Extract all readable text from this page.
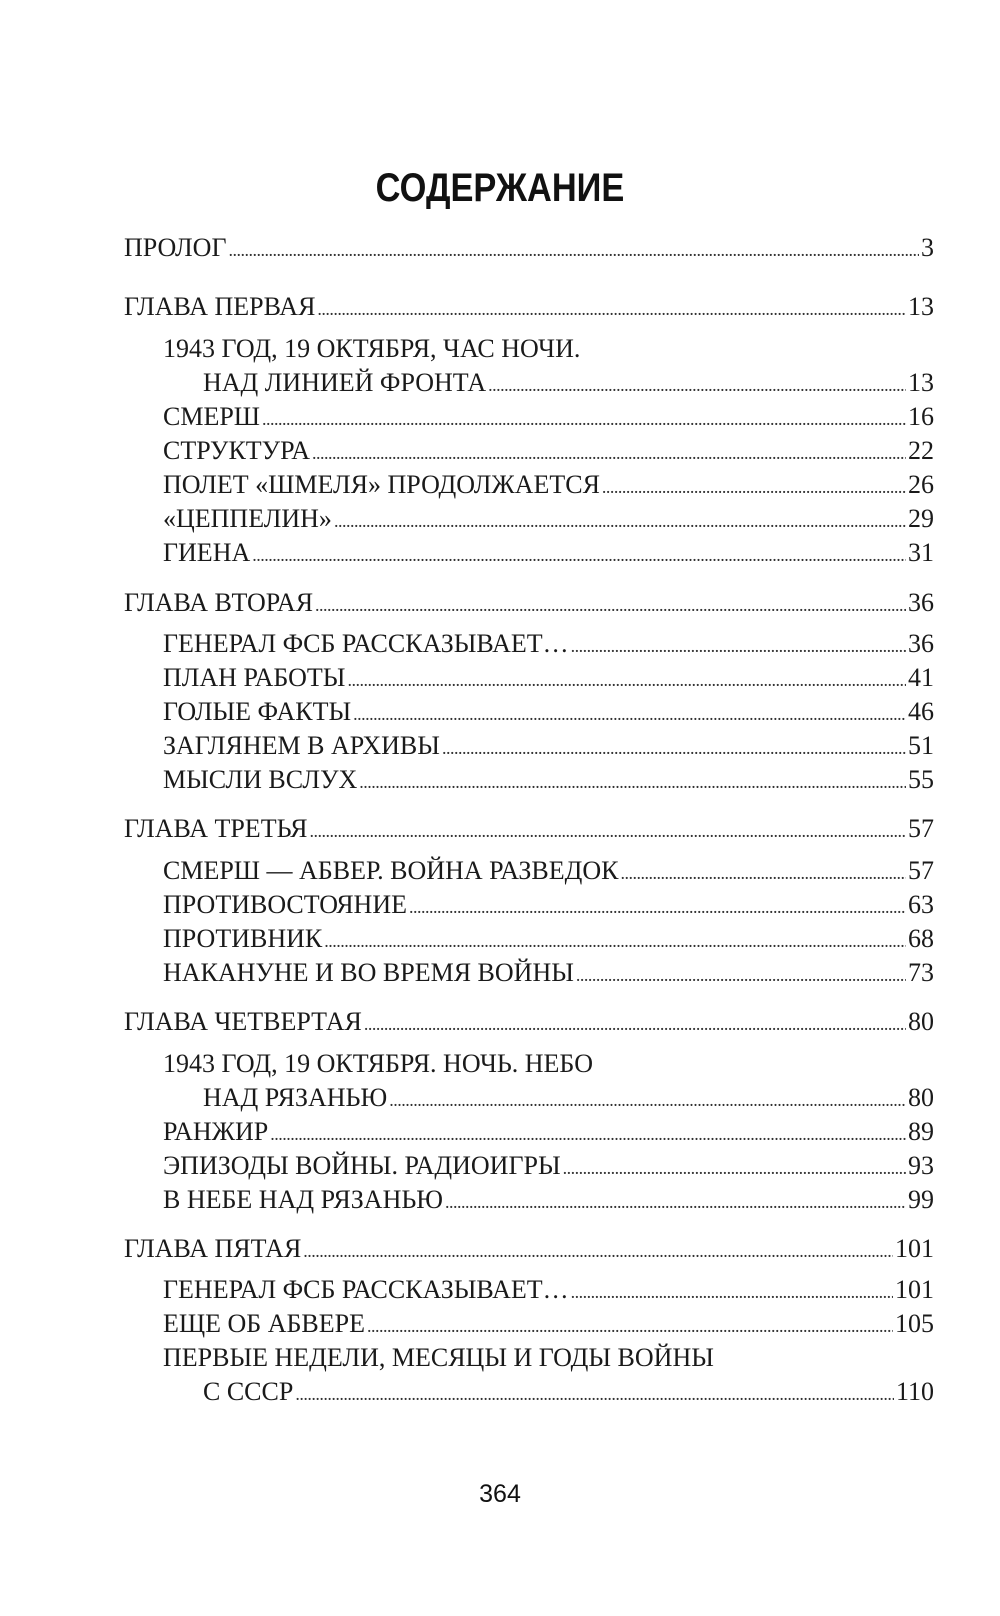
СОДЕРЖАНИЕ
ПРОЛОГ . . .	3
ГЛАВА ПЕРВАЯ . . .	13
1943 ГОД, 19 ОКТЯБРЯ, ЧАС НОЧИ.
НАД ЛИНИЕЙ ФРОНТА . . .	13
СМЕРШ . . .	16
СТРУКТУРА . . .	22
ПОЛЕТ «ШМЕЛЯ» ПРОДОЛЖАЕТСЯ . . .	26
«ЦЕППЕЛИН» . . .	29
ГИЕНА . . .	31
ГЛАВА ВТОРАЯ . . .	36
ГЕНЕРАЛ ФСБ РАССКАЗЫВАЕТ… . . .	36
ПЛАН РАБОТЫ . . .	41
ГОЛЫЕ ФАКТЫ . . .	46
ЗАГЛЯНЕМ В АРХИВЫ . . .	51
МЫСЛИ ВСЛУХ . . .	55
ГЛАВА ТРЕТЬЯ . . .	57
СМЕРШ — АБВЕР. ВОЙНА РАЗВЕДОК . . .	57
ПРОТИВОСТОЯНИЕ . . .	63
ПРОТИВНИК . . .	68
НАКАНУНЕ И ВО ВРЕМЯ ВОЙНЫ . . .	73
ГЛАВА ЧЕТВЕРТАЯ . . .	80
1943 ГОД, 19 ОКТЯБРЯ. НОЧЬ. НЕБО
НАД РЯЗАНЬЮ . . .	80
РАНЖИР . . .	89
ЭПИЗОДЫ ВОЙНЫ. РАДИОИГРЫ . . .	93
В НЕБЕ НАД РЯЗАНЬЮ . . .	99
ГЛАВА ПЯТАЯ . . .	101
ГЕНЕРАЛ ФСБ РАССКАЗЫВАЕТ… . . .	101
ЕЩЕ ОБ АБВЕРЕ . . .	105
ПЕРВЫЕ НЕДЕЛИ, МЕСЯЦЫ И ГОДЫ ВОЙНЫ
С СССР . . .	110
364
